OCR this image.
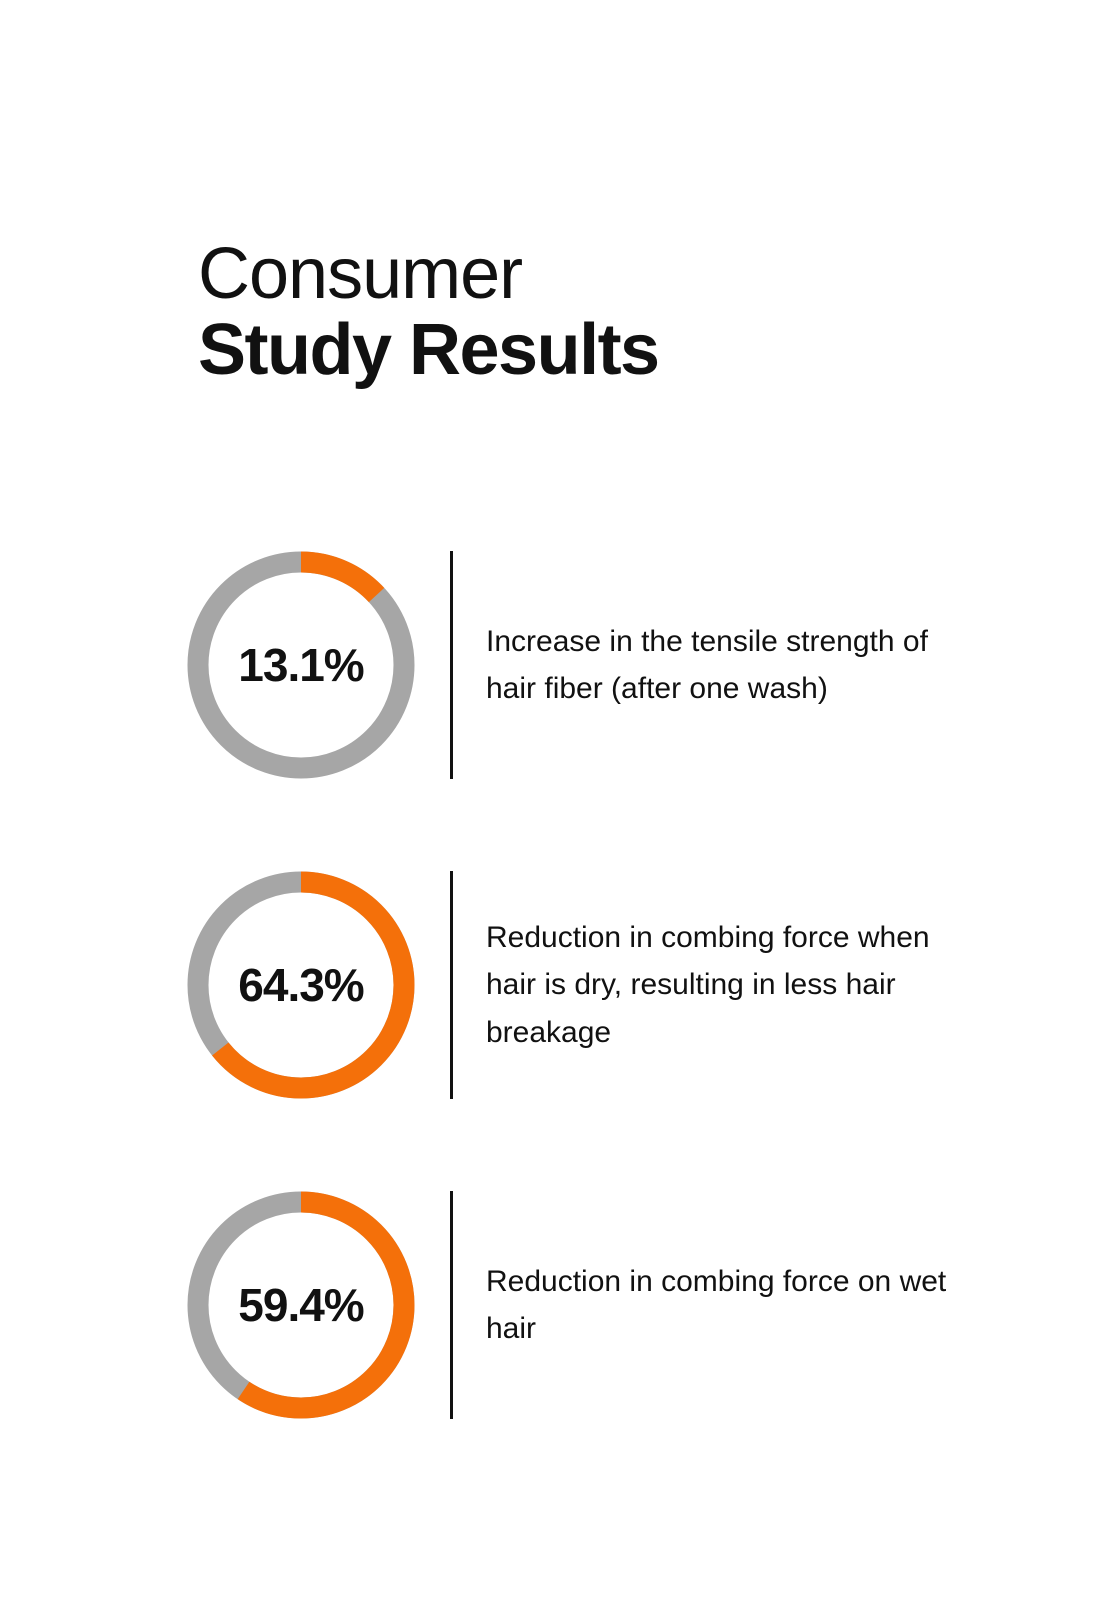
Consumer
Study Results
13.1%	Increase in the tensile strength of hair fiber (after one wash)
64.3%
Reduction in combing force when hair is dry, resulting in less hair breakage
59.4%	Reduction in combing force on wet hair
